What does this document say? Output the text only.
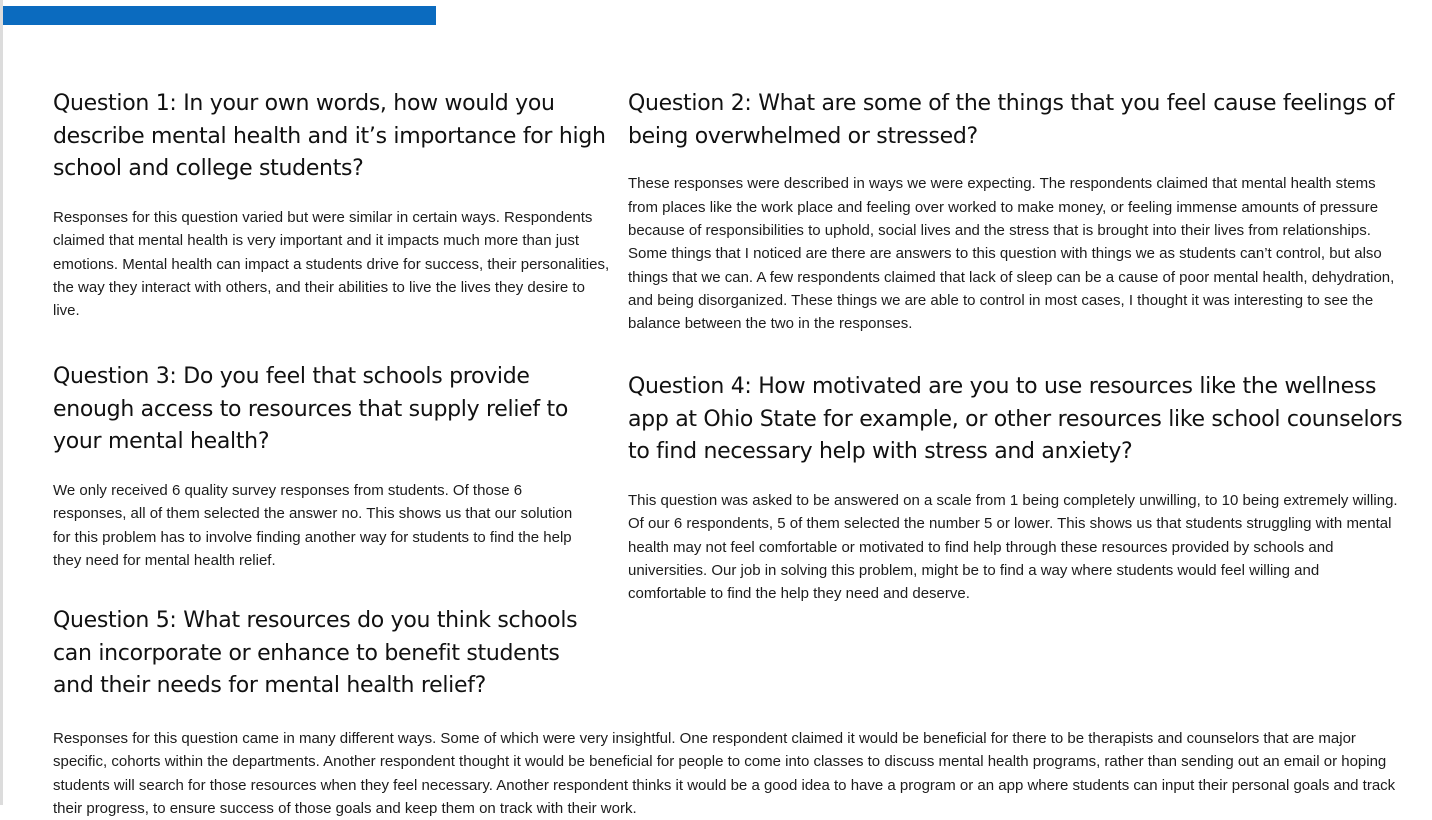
Question 1: In your own words, how would you describe mental health and it’s importance for high school and college students?

Responses for this question varied but were similar in certain ways. Respondents claimed that mental health is very important and it impacts much more than just emotions. Mental health can impact a students drive for success, their personalities, the way they interact with others, and their abilities to live the lives they desire to live.

Question 2: What are some of the things that you feel cause feelings of being overwhelmed or stressed?

These responses were described in ways we were expecting. The respondents claimed that mental health stems from places like the work place and feeling over worked to make money, or feeling immense amounts of pressure because of responsibilities to uphold, social lives and the stress that is brought into their lives from relationships. Some things that I noticed are there are answers to this question with things we as students can’t control, but also things that we can. A few respondents claimed that lack of sleep can be a cause of poor mental health, dehydration, and being disorganized. These things we are able to control in most cases, I thought it was interesting to see the balance between the two in the responses.

Question 3: Do you feel that schools provide enough access to resources that supply relief to your mental health?

We only received 6 quality survey responses from students. Of those 6 responses, all of them selected the answer no. This shows us that our solution for this problem has to involve finding another way for students to find the help they need for mental health relief.

Question 4: How motivated are you to use resources like the wellness app at Ohio State for example, or other resources like school counselors to find necessary help with stress and anxiety?

This question was asked to be answered on a scale from 1 being completely unwilling, to 10 being extremely willing. Of our 6 respondents, 5 of them selected the number 5 or lower. This shows us that students struggling with mental health may not feel comfortable or motivated to find help through these resources provided by schools and universities. Our job in solving this problem, might be to find a way where students would feel willing and comfortable to find the help they need and deserve.

Question 5: What resources do you think schools can incorporate or enhance to benefit students and their needs for mental health relief?

Responses for this question came in many different ways. Some of which were very insightful. One respondent claimed it would be beneficial for there to be therapists and counselors that are major specific, cohorts within the departments. Another respondent thought it would be beneficial for people to come into classes to discuss mental health programs, rather than sending out an email or hoping students will search for those resources when they feel necessary. Another respondent thinks it would be a good idea to have a program or an app where students can input their personal goals and track their progress, to ensure success of those goals and keep them on track with their work.
